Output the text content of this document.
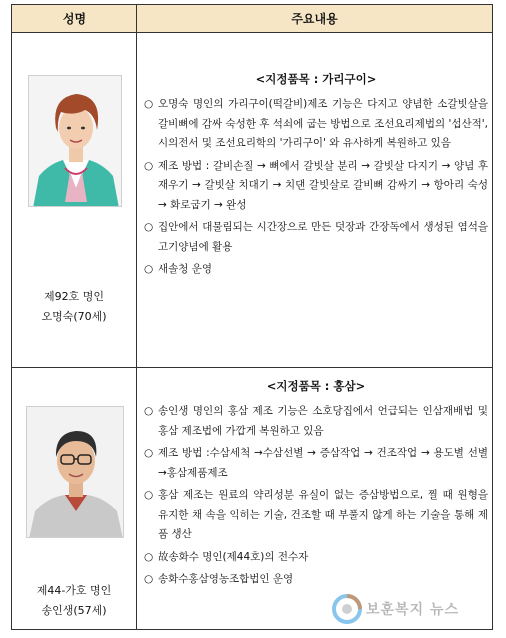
성명	주요내용
제92호 명인
오명숙(70세)
<지정품목 : 가리구이>
○ 오명숙 명인의 가리구이(떡갈비)제조 기능은 다지고 양념한 소갈빗살을 갈비뼈에 감싸 숙성한 후 석쇠에 굽는 방법으로 조선요리제법의 '섭산적', 시의전서 및 조선요리학의 '가리구이' 와 유사하게 복원하고 있음
○ 제조 방법 : 갈비손질 → 뼈에서 갈빗살 분리 → 갈빗살 다지기 → 양념 후 재우기 → 갈빗살 치대기 → 치댄 갈빗살로 갈비뼈 감싸기 → 항아리 숙성 → 화로굽기 → 완성
○ 집안에서 대물림되는 시간장으로 만든 덧장과 간장독에서 생성된 염석을 고기양념에 활용
○ 새솔청 운영
제44-가호 명인
송인생(57세)
<지정품목 : 홍삼>
○ 송인생 명인의 홍삼 제조 기능은 소호당집에서 언급되는 인삼재배법 및 홍삼 제조법에 가깝게 복원하고 있음
○ 제조 방법 :수삼세척 →수삼선별 → 증삼작업 → 건조작업 → 용도별 선별 →홍삼제품제조
○ 홍삼 제조는 원료의 약리성분 유실이 없는 증삼방법으로, 찔 때 원형을 유지한 채 속을 익히는 기술, 건조할 때 부풀지 않게 하는 기술을 통해 제품 생산
○ 故송화수 명인(제44호)의 전수자
○ 송화수홍삼영농조합법인 운영
보훈복지 뉴스
